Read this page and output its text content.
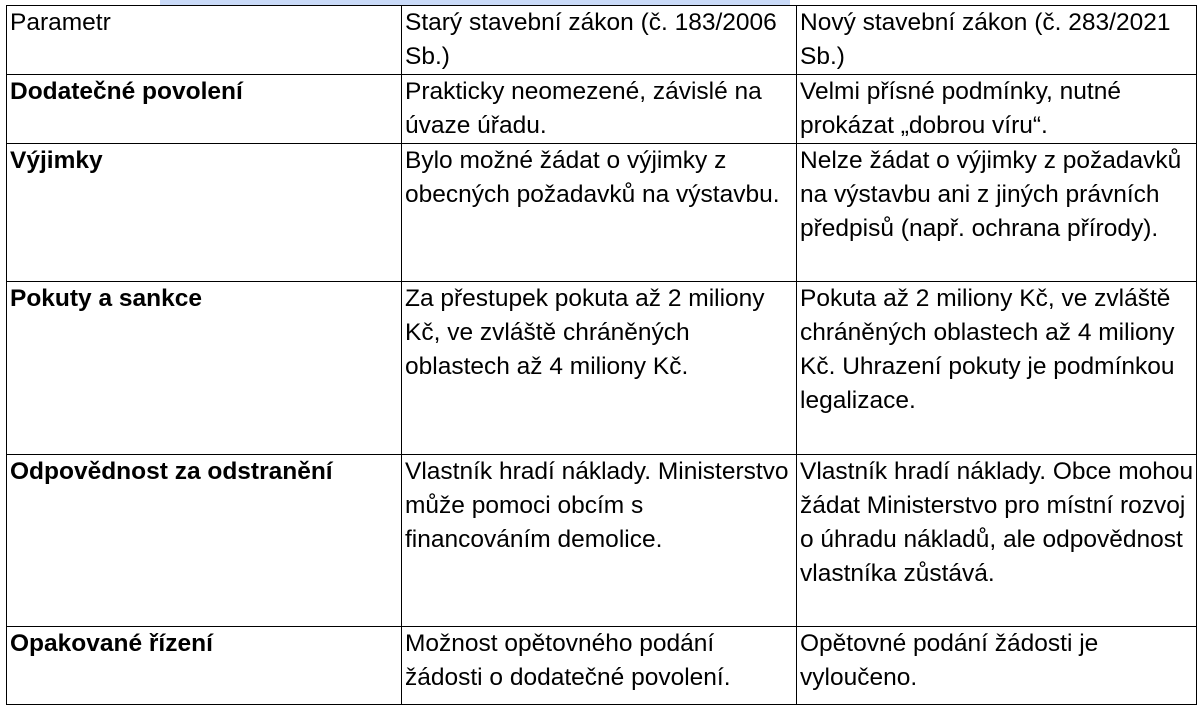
Parametr	Starý stavební zákon (č. 183/2006 Sb.)	Nový stavební zákon (č. 283/2021 Sb.)
Dodatečné povolení	Prakticky neomezené, závislé na úvaze úřadu.	Velmi přísné podmínky, nutné prokázat „dobrou víru“.
Výjimky	Bylo možné žádat o výjimky z obecných požadavků na výstavbu.	Nelze žádat o výjimky z požadavků na výstavbu ani z jiných právních předpisů (např. ochrana přírody).
Pokuty a sankce	Za přestupek pokuta až 2 miliony Kč, ve zvláště chráněných oblastech až 4 miliony Kč.	Pokuta až 2 miliony Kč, ve zvláště chráněných oblastech až 4 miliony Kč. Uhrazení pokuty je podmínkou legalizace.
Odpovědnost za odstranění	Vlastník hradí náklady. Ministerstvo může pomoci obcím s financováním demolice.	Vlastník hradí náklady. Obce mohou žádat Ministerstvo pro místní rozvoj o úhradu nákladů, ale odpovědnost vlastníka zůstává.
Opakované řízení	Možnost opětovného podání žádosti o dodatečné povolení.	Opětovné podání žádosti je vyloučeno.
